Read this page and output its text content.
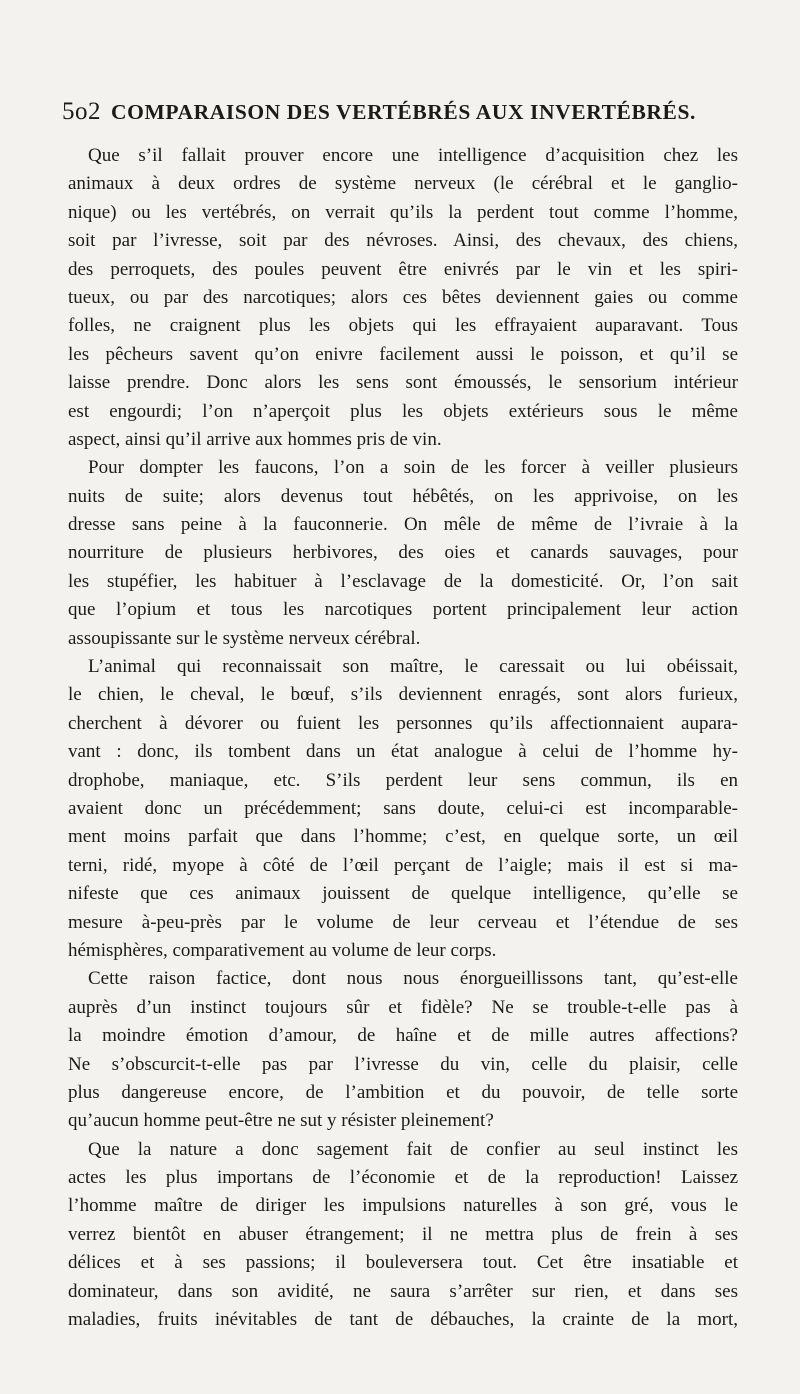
5o2 COMPARAISON DES VERTÉBRÉS AUX INVERTÉBRÉS.
Que s’il fallait prouver encore une intelligence d’acquisition chez les
animaux à deux ordres de système nerveux (le cérébral et le ganglio-
nique) ou les vertébrés, on verrait qu’ils la perdent tout comme l’homme,
soit par l’ivresse, soit par des névroses. Ainsi, des chevaux, des chiens,
des perroquets, des poules peuvent être enivrés par le vin et les spiri-
tueux, ou par des narcotiques; alors ces bêtes deviennent gaies ou comme
folles, ne craignent plus les objets qui les effrayaient auparavant. Tous
les pêcheurs savent qu’on enivre facilement aussi le poisson, et qu’il se
laisse prendre. Donc alors les sens sont émoussés, le sensorium intérieur
est engourdi; l’on n’aperçoit plus les objets extérieurs sous le même
aspect, ainsi qu’il arrive aux hommes pris de vin.
Pour dompter les faucons, l’on a soin de les forcer à veiller plusieurs
nuits de suite; alors devenus tout hébêtés, on les apprivoise, on les
dresse sans peine à la fauconnerie. On mêle de même de l’ivraie à la
nourriture de plusieurs herbivores, des oies et canards sauvages, pour
les stupéfier, les habituer à l’esclavage de la domesticité. Or, l’on sait
que l’opium et tous les narcotiques portent principalement leur action
assoupissante sur le système nerveux cérébral.
L’animal qui reconnaissait son maître, le caressait ou lui obéissait,
le chien, le cheval, le bœuf, s’ils deviennent enragés, sont alors furieux,
cherchent à dévorer ou fuient les personnes qu’ils affectionnaient aupara-
vant : donc, ils tombent dans un état analogue à celui de l’homme hy-
drophobe, maniaque, etc. S’ils perdent leur sens commun, ils en
avaient donc un précédemment; sans doute, celui-ci est incomparable-
ment moins parfait que dans l’homme; c’est, en quelque sorte, un œil
terni, ridé, myope à côté de l’œil perçant de l’aigle; mais il est si ma-
nifeste que ces animaux jouissent de quelque intelligence, qu’elle se
mesure à-peu-près par le volume de leur cerveau et l’étendue de ses
hémisphères, comparativement au volume de leur corps.
Cette raison factice, dont nous nous énorgueillissons tant, qu’est-elle
auprès d’un instinct toujours sûr et fidèle? Ne se trouble-t-elle pas à
la moindre émotion d’amour, de haîne et de mille autres affections?
Ne s’obscurcit-t-elle pas par l’ivresse du vin, celle du plaisir, celle
plus dangereuse encore, de l’ambition et du pouvoir, de telle sorte
qu’aucun homme peut-être ne sut y résister pleinement?
Que la nature a donc sagement fait de confier au seul instinct les
actes les plus importans de l’économie et de la reproduction! Laissez
l’homme maître de diriger les impulsions naturelles à son gré, vous le
verrez bientôt en abuser étrangement; il ne mettra plus de frein à ses
délices et à ses passions; il bouleversera tout. Cet être insatiable et
dominateur, dans son avidité, ne saura s’arrêter sur rien, et dans ses
maladies, fruits inévitables de tant de débauches, la crainte de la mort,
